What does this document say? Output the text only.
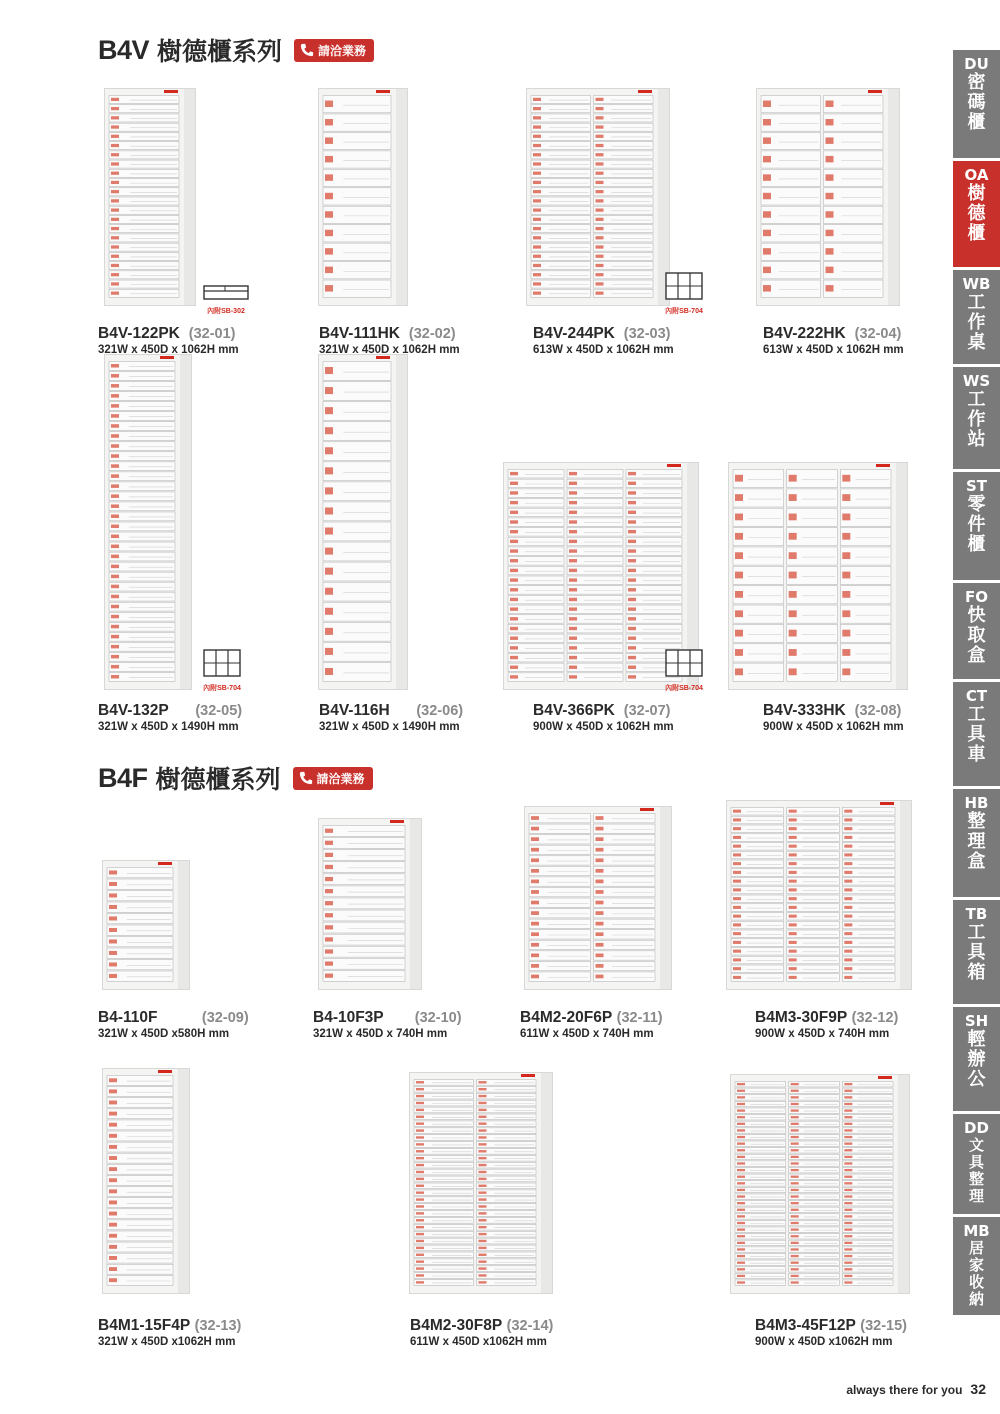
B4V 樹德櫃系列	請洽業務
B4F 樹德櫃系列	請洽業務
內附SB-302	內附SB-704
內附SB-704	內附SB-704
B4V-122PK (32-01)
321W x 450D x 1062H mm
B4V-111HK (32-02)
321W x 450D x 1062H mm
B4V-244PK (32-03)
613W x 450D x 1062H mm
B4V-222HK (32-04)
613W x 450D x 1062H mm
B4V-132P (32-05)
321W x 450D x 1490H mm
B4V-116H (32-06)
321W x 450D x 1490H mm
B4V-366PK (32-07)
900W x 450D x 1062H mm
B4V-333HK (32-08)
900W x 450D x 1062H mm
B4-110F	(32-09)
321W x 450D x580H mm
B4-10F3P (32-10)
321W x 450D x 740H mm
B4M2-20F6P (32-11)
611W x 450D x 740H mm
B4M3-30F9P (32-12)
900W x 450D x 740H mm
B4M1-15F4P (32-13)
321W x 450D x1062H mm
B4M2-30F8P (32-14)
611W x 450D x1062H mm
B4M3-45F12P (32-15)
900W x 450D x1062H mm
DU
密
碼
櫃
OA
樹
德
櫃
WB
工
作
桌
WS
工
作
站
ST
零
件
櫃
FO
快
取
盒
CT
工
具
車
HB
整
理
盒
TB
工
具
箱
SH
輕
辦
公
DD
文
具
整
理
MB
居
家
收
納
always there for you 32
